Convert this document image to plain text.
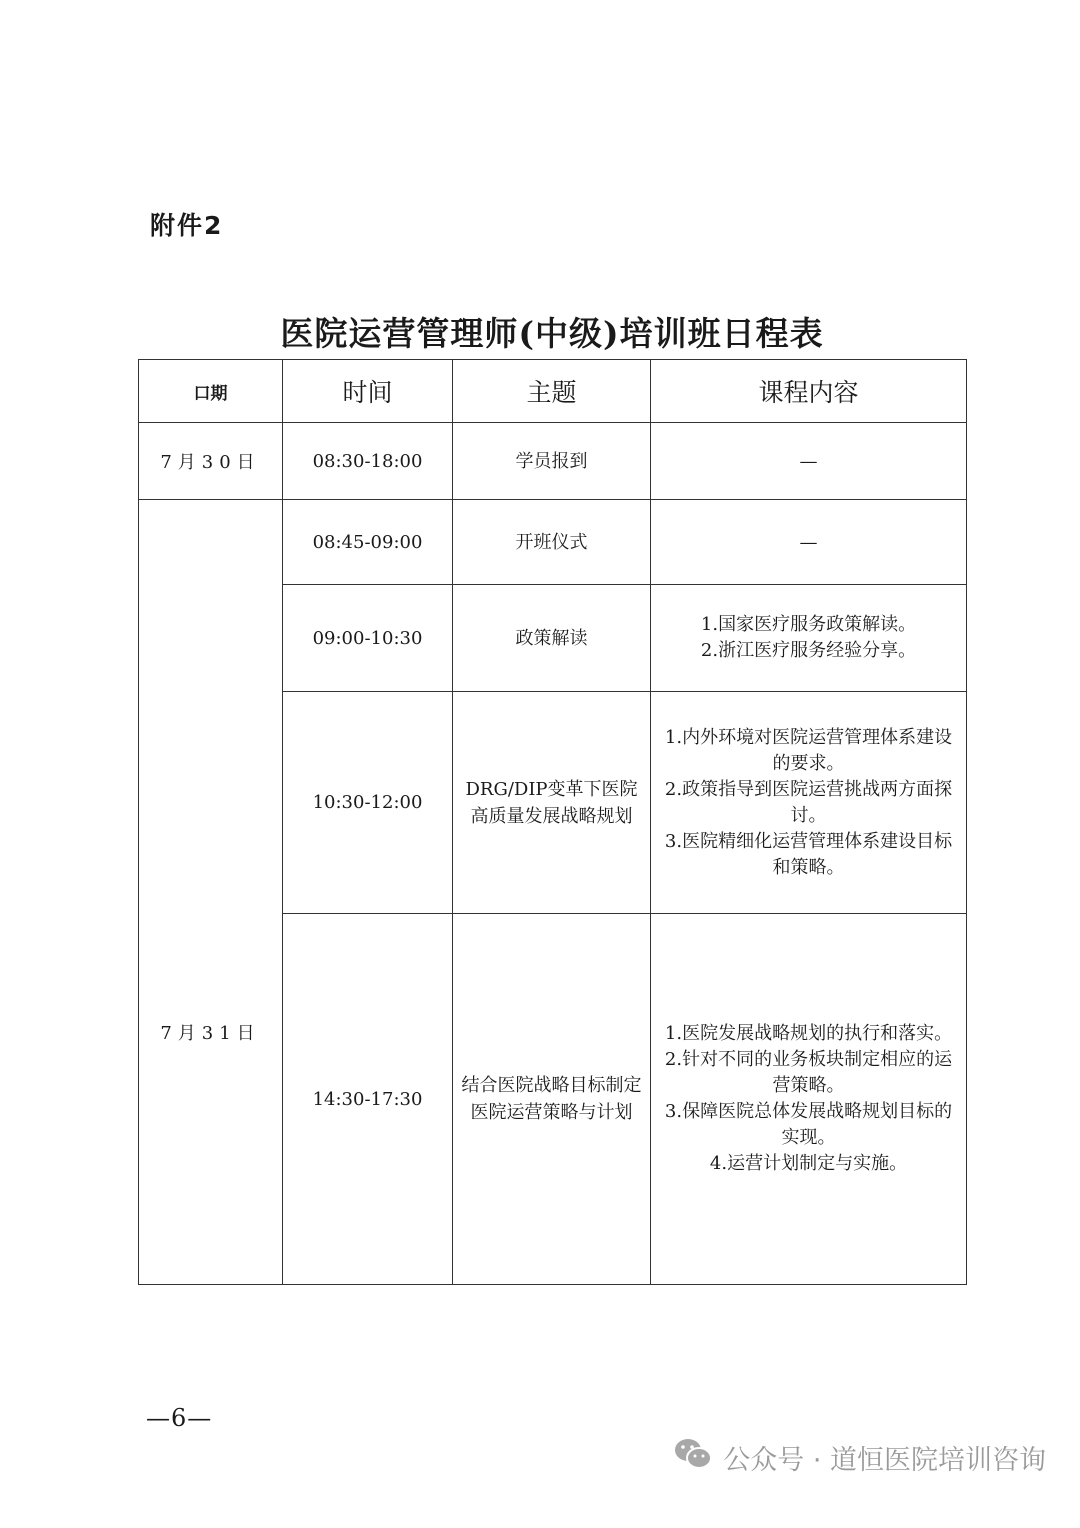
附件2
医院运营管理师(中级)培训班日程表
口期	时间	主题	课程内容
7月30日	08:30-18:00	学员报到	—
7月31日	08:45-09:00	开班仪式	—
	09:00-10:30	政策解读	1.国家医疗服务政策解读。
2.浙江医疗服务经验分享。

	10:30-12:00	DRG/DIP变革下医院高质量发展战略规划	1.内外环境对医院运营管理体系建设的要求。
2.政策指导到医院运营挑战两方面探讨。
3.医院精细化运营管理体系建设目标和策略。

	14:30-17:30	结合医院战略目标制定医院运营策略与计划	1.医院发展战略规划的执行和落实。
2.针对不同的业务板块制定相应的运营策略。
3.保障医院总体发展战略规划目标的实现。
4.运营计划制定与实施。
—6—
公众号 · 道恒医院培训咨询
